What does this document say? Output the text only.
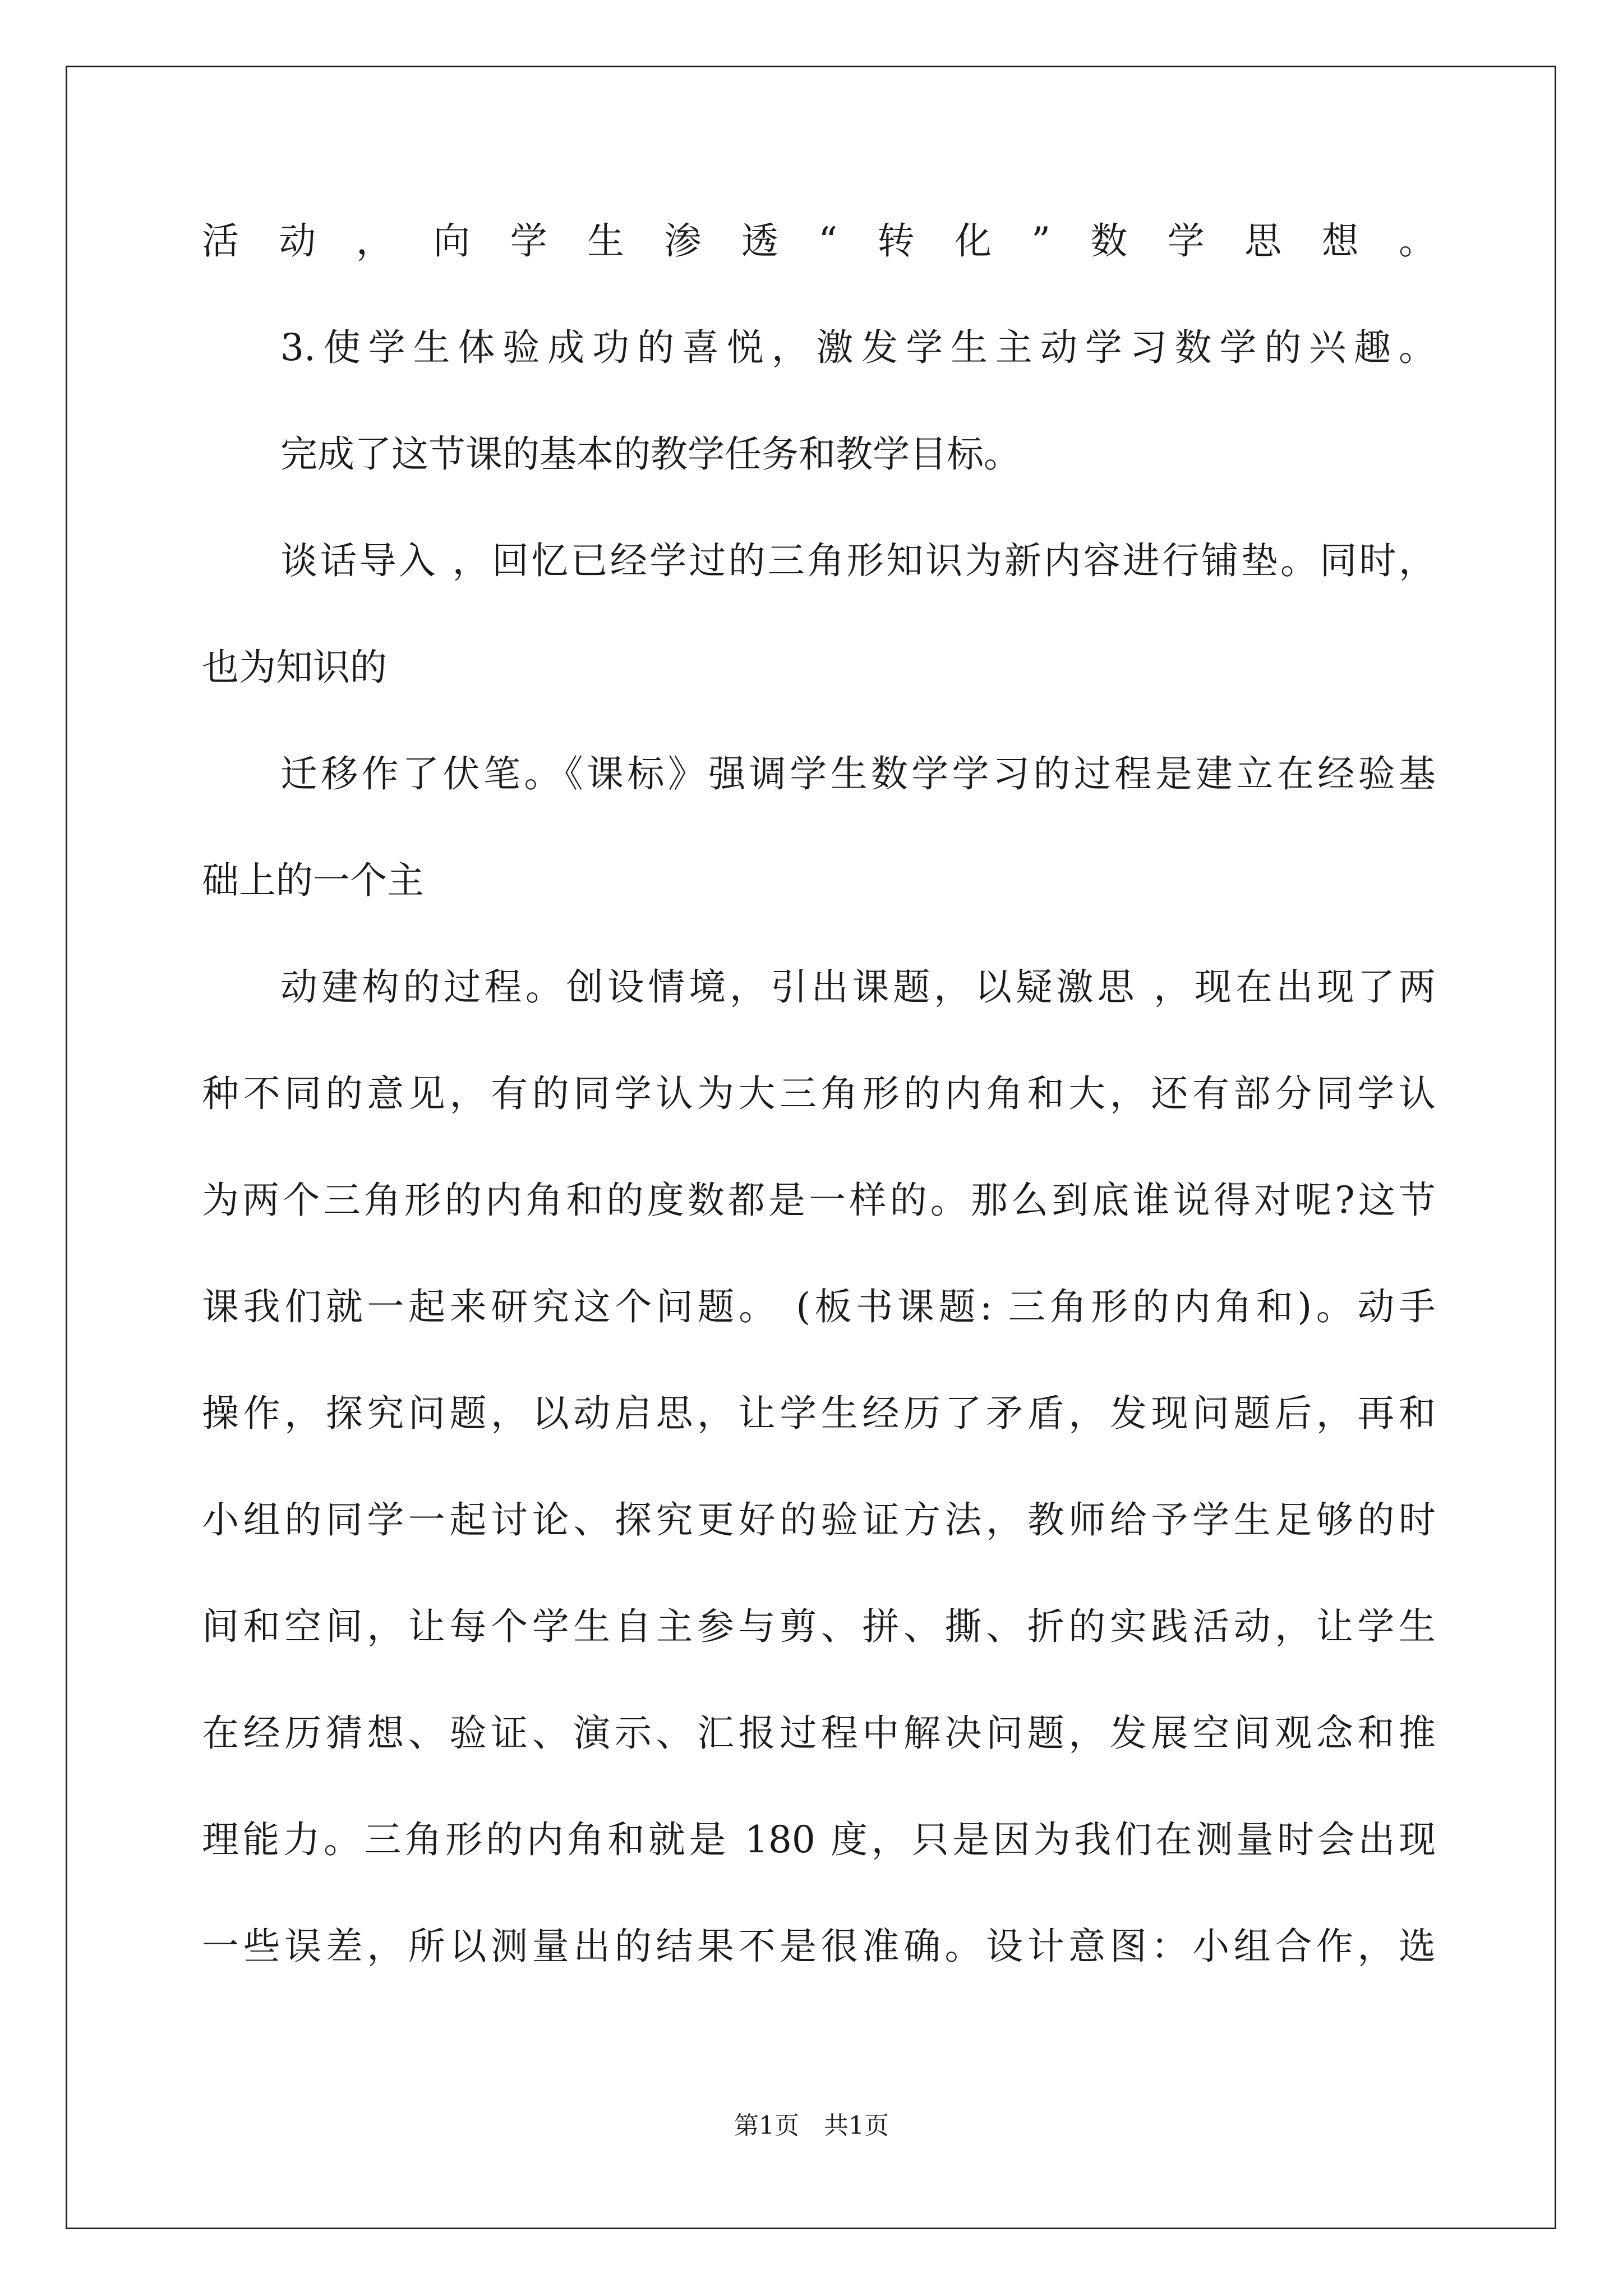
活动，向学生渗透“转化”数学思想。
3.使学生体验成功的喜悦，激发学生主动学习数学的兴趣。
完成了这节课的基本的教学任务和教学目标。
谈话导入 ，回忆已经学过的三角形知识为新内容进行铺垫。同时，
也为知识的
迁移作了伏笔。《课标》强调学生数学学习的过程是建立在经验基
础上的一个主
动建构的过程。创设情境，引出课题，以疑激思 ，现在出现了两
种不同的意见，有的同学认为大三角形的内角和大，还有部分同学认
为两个三角形的内角和的度数都是一样的。那么到底谁说得对呢?这节
课我们就一起来研究这个问题。 (板书课题: 三角形的内角和)。动手
操作，探究问题，以动启思，让学生经历了矛盾，发现问题后，再和
小组的同学一起讨论、探究更好的验证方法，教师给予学生足够的时
间和空间，让每个学生自主参与剪、拼、撕、折的实践活动，让学生
在经历猜想、验证、演示、汇报过程中解决问题，发展空间观念和推
理能力。三角形的内角和就是 180 度，只是因为我们在测量时会出现
一些误差，所以测量出的结果不是很准确。设计意图：小组合作，选
第1页　共1页
